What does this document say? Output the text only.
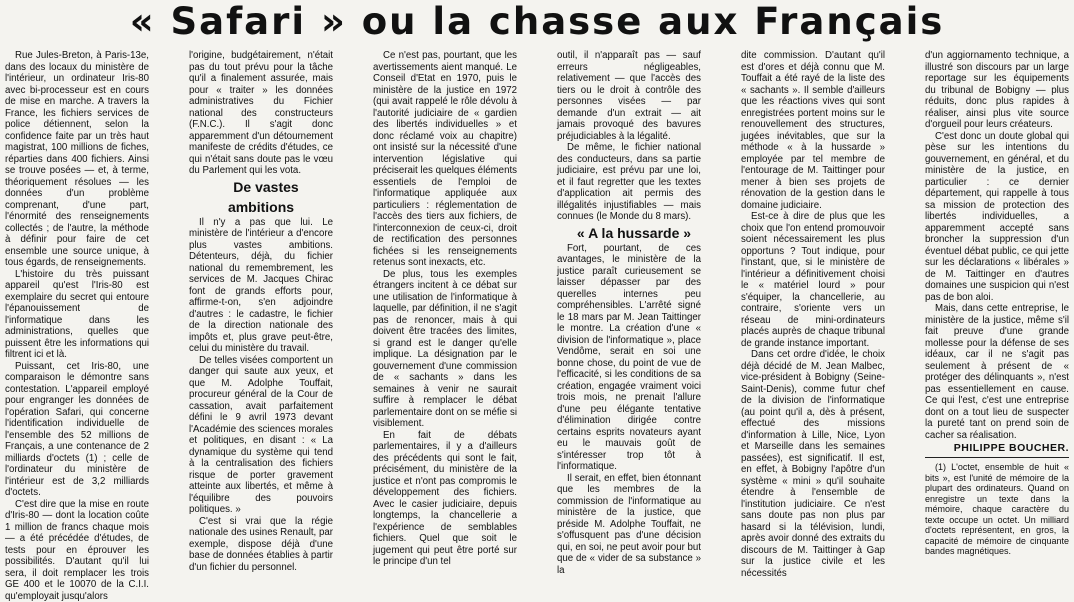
« Safari » ou la chasse aux Français

Rue Jules-Breton, à Paris-13e, dans des locaux du ministère de l'intérieur, un ordinateur Iris-80 avec bi-processeur est en cours de mise en marche. A travers la France, les fichiers services de police détiennent, selon la confidence faite par un très haut magistrat, 100 millions de fiches, réparties dans 400 fichiers. Ainsi se trouve posées — et, à terme, théoriquement résolues — les données d'un problème comprenant, d'une part, l'énormité des renseignements collectés ; de l'autre, la méthode à définir pour faire de cet ensemble une source unique, à tous égards, de renseignements.

L'histoire du très puissant appareil qu'est l'Iris-80 est exemplaire du secret qui entoure l'épanouissement de l'informatique dans les administrations, quelles que puissent être les informations qui filtrent ici et là.

Puissant, cet Iris-80, une comparaison le démontre sans contestation. L'appareil employé pour engranger les données de l'opération Safari, qui concerne l'identification individuelle de l'ensemble des 52 millions de Français, a une contenance de 2 milliards d'octets (1) ; celle de l'ordinateur du ministère de l'intérieur est de 3,2 milliards d'octets.

C'est dire que la mise en route d'Iris-80 — dont la location coûte 1 million de francs chaque mois — a été précédée d'études, de tests pour en éprouver les possibilités. D'autant qu'il lui sera, il doit remplacer les trois GE 400 et le 10070 de la C.I.I. qu'employait jusqu'alors

l'origine, budgétairement, n'était pas du tout prévu pour la tâche qu'il a finalement assurée, mais pour « traiter » les données administratives du Fichier national des constructeurs (F.N.C.). Il s'agit donc apparemment d'un détournement manifeste de crédits d'études, ce qui n'était sans doute pas le vœu du Parlement qui les vota.

De vastes ambitions

Il n'y a pas que lui. Le ministère de l'intérieur a d'encore plus vastes ambitions. Détenteurs, déjà, du fichier national du remembrement, les services de M. Jacques Chirac font de grands efforts pour, affirme-t-on, s'en adjoindre d'autres : le cadastre, le fichier de la direction nationale des impôts et, plus grave peut-être, celui du ministère du travail.

De telles visées comportent un danger qui saute aux yeux, et que M. Adolphe Touffait, procureur général de la Cour de cassation, avait parfaitement défini le 9 avril 1973 devant l'Académie des sciences morales et politiques, en disant : « La dynamique du système qui tend à la centralisation des fichiers risque de porter gravement atteinte aux libertés, et même à l'équilibre des pouvoirs politiques. »

C'est si vrai que la régie nationale des usines Renault, par exemple, dispose déjà d'une base de données établies à partir d'un fichier du personnel.

Ce n'est pas, pourtant, que les avertissements aient manqué. Le Conseil d'Etat en 1970, puis le ministère de la justice en 1972 (qui avait rappelé le rôle dévolu à l'autorité judiciaire de « gardien des libertés individuelles » et donc réclamé voix au chapitre) ont insisté sur la nécessité d'une intervention législative qui préciserait les quelques éléments essentiels de l'emploi de l'informatique appliquée aux particuliers : réglementation de l'accès des tiers aux fichiers, de l'interconnexion de ceux-ci, droit de rectification des personnes fichées si les renseignements retenus sont inexacts, etc.

De plus, tous les exemples étrangers incitent à ce débat sur une utilisation de l'informatique à laquelle, par définition, il ne s'agit pas de renoncer, mais à qui doivent être tracées des limites, si grand est le danger qu'elle implique. La désignation par le gouvernement d'une commission de « sachants » dans les semaines à venir ne saurait suffire à remplacer le débat parlementaire dont on se méfie si visiblement.

En fait de débats parlementaires, il y a d'ailleurs des précédents qui sont le fait, précisément, du ministère de la justice et n'ont pas compromis le développement des fichiers. Avec le casier judiciaire, depuis longtemps, la chancellerie a l'expérience de semblables fichiers. Quel que soit le jugement qui peut être porté sur le principe d'un tel

outil, il n'apparaît pas — sauf erreurs négligeables, relativement — que l'accès des tiers ou le droit à contrôle des personnes visées — par demande d'un extrait — ait jamais provoqué des bavures préjudiciables à la légalité.

De même, le fichier national des conducteurs, dans sa partie judiciaire, est prévu par une loi, et il faut regretter que les textes d'application ait permis des illégalités injustifiables — mais connues (le Monde du 8 mars).

« A la hussarde »

Fort, pourtant, de ces avantages, le ministère de la justice paraît curieusement se laisser dépasser par des querelles internes peu compréhensibles. L'arrêté signé le 18 mars par M. Jean Taittinger le montre. La création d'une « division de l'informatique », place Vendôme, serait en soi une bonne chose, du point de vue de l'efficacité, si les conditions de sa création, engagée vraiment voici trois mois, ne prenait l'allure d'une peu élégante tentative d'élimination dirigée contre certains esprits novateurs ayant eu le mauvais goût de s'intéresser trop tôt à l'informatique.

Il serait, en effet, bien étonnant que les membres de la commission de l'informatique au ministère de la justice, que préside M. Adolphe Touffait, ne s'offusquent pas d'une décision qui, en soi, ne peut avoir pour but que de « vider de sa substance » la

dite commission. D'autant qu'il est d'ores et déjà connu que M. Touffait a été rayé de la liste des « sachants ». Il semble d'ailleurs que les réactions vives qui sont enregistrées portent moins sur le renouvellement des structures, jugées inévitables, que sur la méthode « à la hussarde » employée par tel membre de l'entourage de M. Taittinger pour mener à bien ses projets de rénovation de la gestion dans le domaine judiciaire.

Est-ce à dire de plus que les choix que l'on entend promouvoir soient nécessairement les plus opportuns ? Tout indique, pour l'instant, que, si le ministère de l'intérieur a définitivement choisi le « matériel lourd » pour s'équiper, la chancellerie, au contraire, s'oriente vers un réseau de mini-ordinateurs placés auprès de chaque tribunal de grande instance important.

Dans cet ordre d'idée, le choix déjà décidé de M. Jean Malbec, vice-président à Bobigny (Seine-Saint-Denis), comme futur chef de la division de l'informatique (au point qu'il a, dès à présent, effectué des missions d'information à Lille, Nice, Lyon et Marseille dans les semaines passées), est significatif. Il est, en effet, à Bobigny l'apôtre d'un système « mini » qu'il souhaite étendre à l'ensemble de l'institution judiciaire. Ce n'est sans doute pas non plus par hasard si la télévision, lundi, après avoir donné des extraits du discours de M. Taittinger à Gap sur la justice civile et les nécessités

d'un aggiornamento technique, a illustré son discours par un large reportage sur les équipements du tribunal de Bobigny — plus réduits, donc plus rapides à réaliser, ainsi plus vite source d'orgueil pour leurs créateurs.

C'est donc un doute global qui pèse sur les intentions du gouvernement, en général, et du ministère de la justice, en particulier : ce dernier département, qui rappelle à tous sa mission de protection des libertés individuelles, a apparemment accepté sans broncher la suppression d'un éventuel débat public, ce qui jette sur les déclarations « libérales » de M. Taittinger en d'autres domaines une suspicion qui n'est pas de bon aloi.

Mais, dans cette entreprise, le ministère de la justice, même s'il fait preuve d'une grande mollesse pour la défense de ses idéaux, car il ne s'agit pas seulement à présent de « protéger des délinquants », n'est pas essentiellement en cause. Ce qui l'est, c'est une entreprise dont on a tout lieu de suspecter la pureté tant on prend soin de cacher sa réalisation.

PHILIPPE BOUCHER.

(1) L'octet, ensemble de huit « bits », est l'unité de mémoire de la plupart des ordinateurs. Quand on enregistre un texte dans la mémoire, chaque caractère du texte occupe un octet. Un milliard d'octets représentent, en gros, la capacité de mémoire de cinquante bandes magnétiques.
